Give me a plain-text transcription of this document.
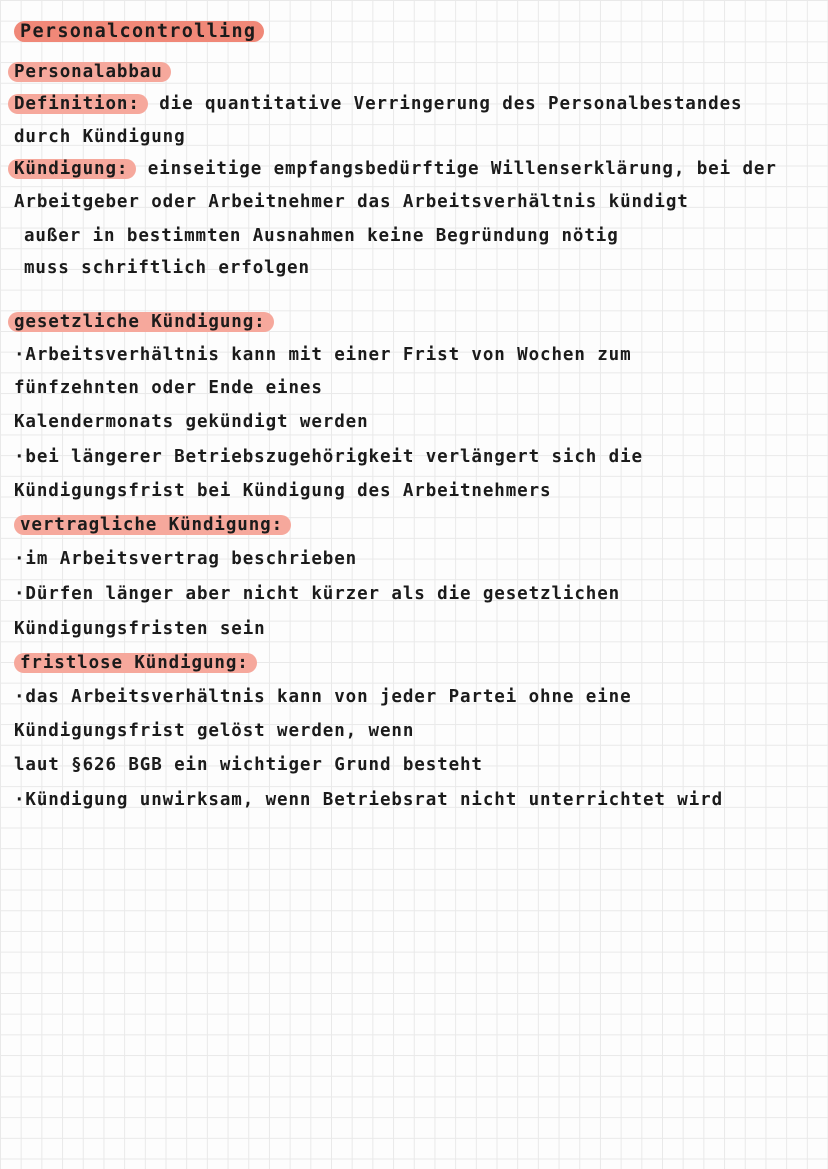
Personalcontrolling

Personalabbau

Definition: die quantitative Verringerung des Personalbestandes

durch Kündigung

Kündigung: einseitige empfangsbedürftige Willenserklärung, bei der

Arbeitgeber oder Arbeitnehmer das Arbeitsverhältnis kündigt

außer in bestimmten Ausnahmen keine Begründung nötig

muss schriftlich erfolgen

gesetzliche Kündigung:

·Arbeitsverhältnis kann mit einer Frist von Wochen zum

fünfzehnten oder Ende eines

Kalendermonats gekündigt werden

·bei längerer Betriebszugehörigkeit verlängert sich die

Kündigungsfrist bei Kündigung des Arbeitnehmers

vertragliche Kündigung:

·im Arbeitsvertrag beschrieben

·Dürfen länger aber nicht kürzer als die gesetzlichen

Kündigungsfristen sein

fristlose Kündigung:

·das Arbeitsverhältnis kann von jeder Partei ohne eine

Kündigungsfrist gelöst werden, wenn

laut §626 BGB ein wichtiger Grund besteht

·Kündigung unwirksam, wenn Betriebsrat nicht unterrichtet wird
